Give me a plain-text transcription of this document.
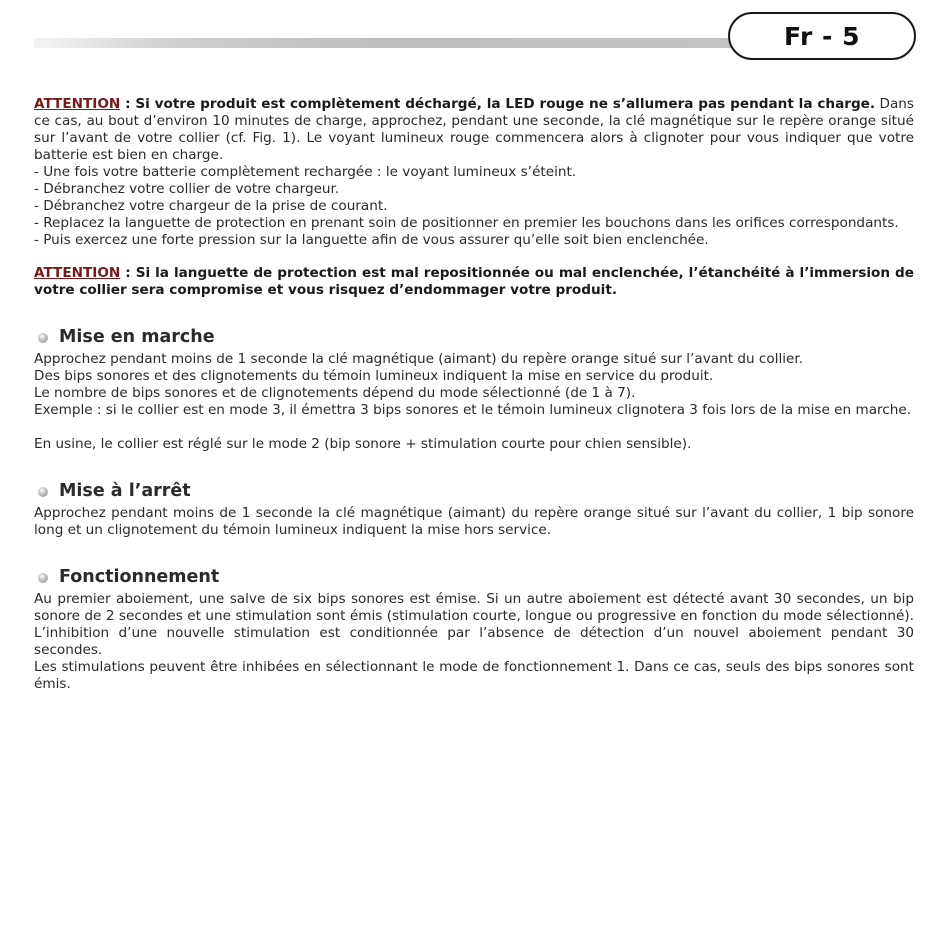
Fr - 5

ATTENTION : Si votre produit est complètement déchargé, la LED rouge ne s’allumera pas pendant la charge. Dans ce cas, au bout d’environ 10 minutes de charge, approchez, pendant une seconde, la clé magnétique sur le repère orange situé sur l’avant de votre collier (cf. Fig. 1). Le voyant lumineux rouge commencera alors à clignoter pour vous indiquer que votre batterie est bien en charge.

- Une fois votre batterie complètement rechargée : le voyant lumineux s’éteint.
- Débranchez votre collier de votre chargeur.
- Débranchez votre chargeur de la prise de courant.
- Replacez la languette de protection en prenant soin de positionner en premier les bouchons dans les orifices correspondants.
- Puis exercez une forte pression sur la languette afin de vous assurer qu’elle soit bien enclenchée.

ATTENTION : Si la languette de protection est mal repositionnée ou mal enclenchée, l’étanchéité à l’immersion de votre collier sera compromise et vous risquez d’endommager votre produit.

Mise en marche

Approchez pendant moins de 1 seconde la clé magnétique (aimant) du repère orange situé sur l’avant du collier.

Des bips sonores et des clignotements du témoin lumineux indiquent la mise en service du produit.

Le nombre de bips sonores et de clignotements dépend du mode sélectionné (de 1 à 7).

Exemple : si le collier est en mode 3, il émettra 3 bips sonores et le témoin lumineux clignotera 3 fois lors de la mise en marche.

En usine, le collier est réglé sur le mode 2 (bip sonore + stimulation courte pour chien sensible).

Mise à l’arrêt

Approchez pendant moins de 1 seconde la clé magnétique (aimant) du repère orange situé sur l’avant du collier, 1 bip sonore long et un clignotement du témoin lumineux indiquent la mise hors service.

Fonctionnement

Au premier aboiement, une salve de six bips sonores est émise. Si un autre aboiement est détecté avant 30 secondes, un bip sonore de 2 secondes et une stimulation sont émis (stimulation courte, longue ou progressive en fonction du mode sélectionné). L’inhibition d’une nouvelle stimulation est conditionnée par l’absence de détection d’un nouvel aboiement pendant 30 secondes.

Les stimulations peuvent être inhibées en sélectionnant le mode de fonctionnement 1. Dans ce cas, seuls des bips sonores sont émis.
